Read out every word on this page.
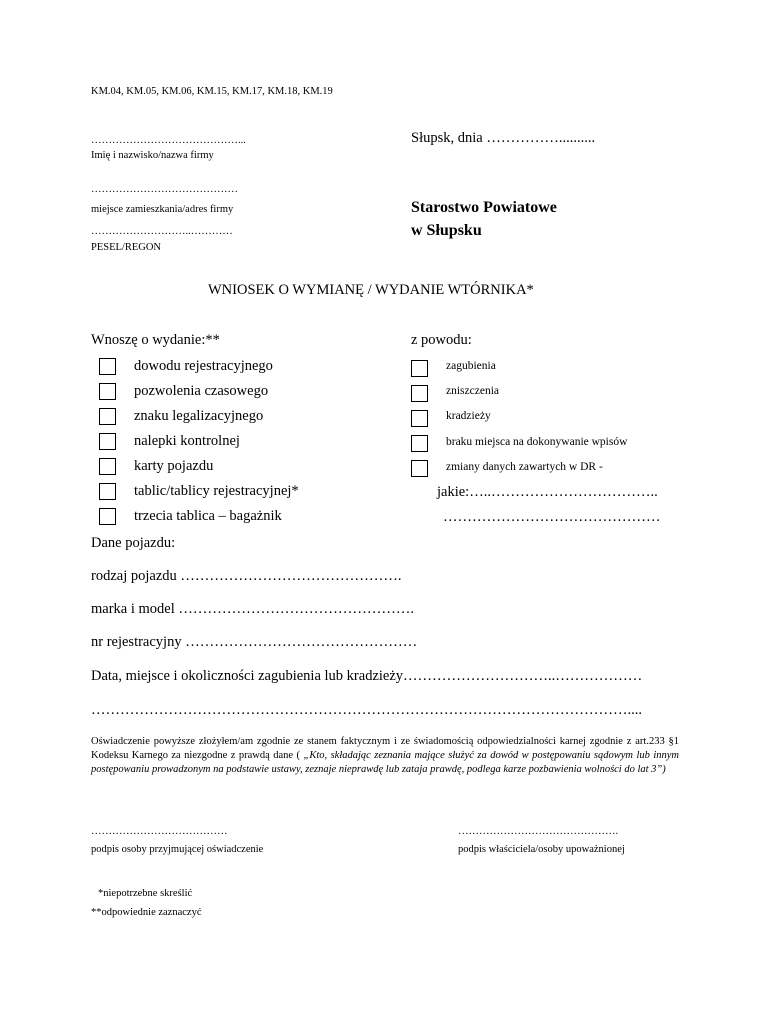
KM.04, KM.05, KM.06, KM.15, KM.17, KM.18, KM.19
……………………………………...
Imię i nazwisko/nazwa firmy
……………………………………
miejsce zamieszkania/adres firmy
………………………..…………
PESEL/REGON
Słupsk, dnia ……………..........
Starostwo Powiatowe
w Słupsku
WNIOSEK O WYMIANĘ / WYDANIE WTÓRNIKA*
Wnoszę o wydanie:**
dowodu rejestracyjnego
pozwolenia czasowego
znaku legalizacyjnego
nalepki kontrolnej
karty pojazdu
tablic/tablicy rejestracyjnej*
trzecia tablica – bagażnik
z powodu:
zagubienia
zniszczenia
kradzieży
braku miejsca na dokonywanie wpisów
zmiany danych zawartych w DR -
jakie:…..……………………………..
………………………………………
Dane pojazdu:
rodzaj pojazdu ……………………………………….
marka i model ………………………………………….
nr rejestracyjny …………………………………………
Data, miejsce i okoliczności zagubienia lub kradzieży…………………………..………………
…………………………………………………………………………………………………....
Oświadczenie powyższe złożyłem/am zgodnie ze stanem faktycznym i ze świadomością odpowiedzialności karnej zgodnie z art.233 §1 Kodeksu Karnego za niezgodne z prawdą dane ( „Kto, składając zeznania mające służyć za dowód w postępowaniu sądowym lub innym postępowaniu prowadzonym na podstawie ustawy, zeznaje nieprawdę lub zataja prawdę, podlega karze pozbawienia wolności do lat 3”)
…………………………………
podpis osoby przyjmującej oświadczenie
……………………………………….
podpis właściciela/osoby upoważnionej
*niepotrzebne skreślić
**odpowiednie zaznaczyć
